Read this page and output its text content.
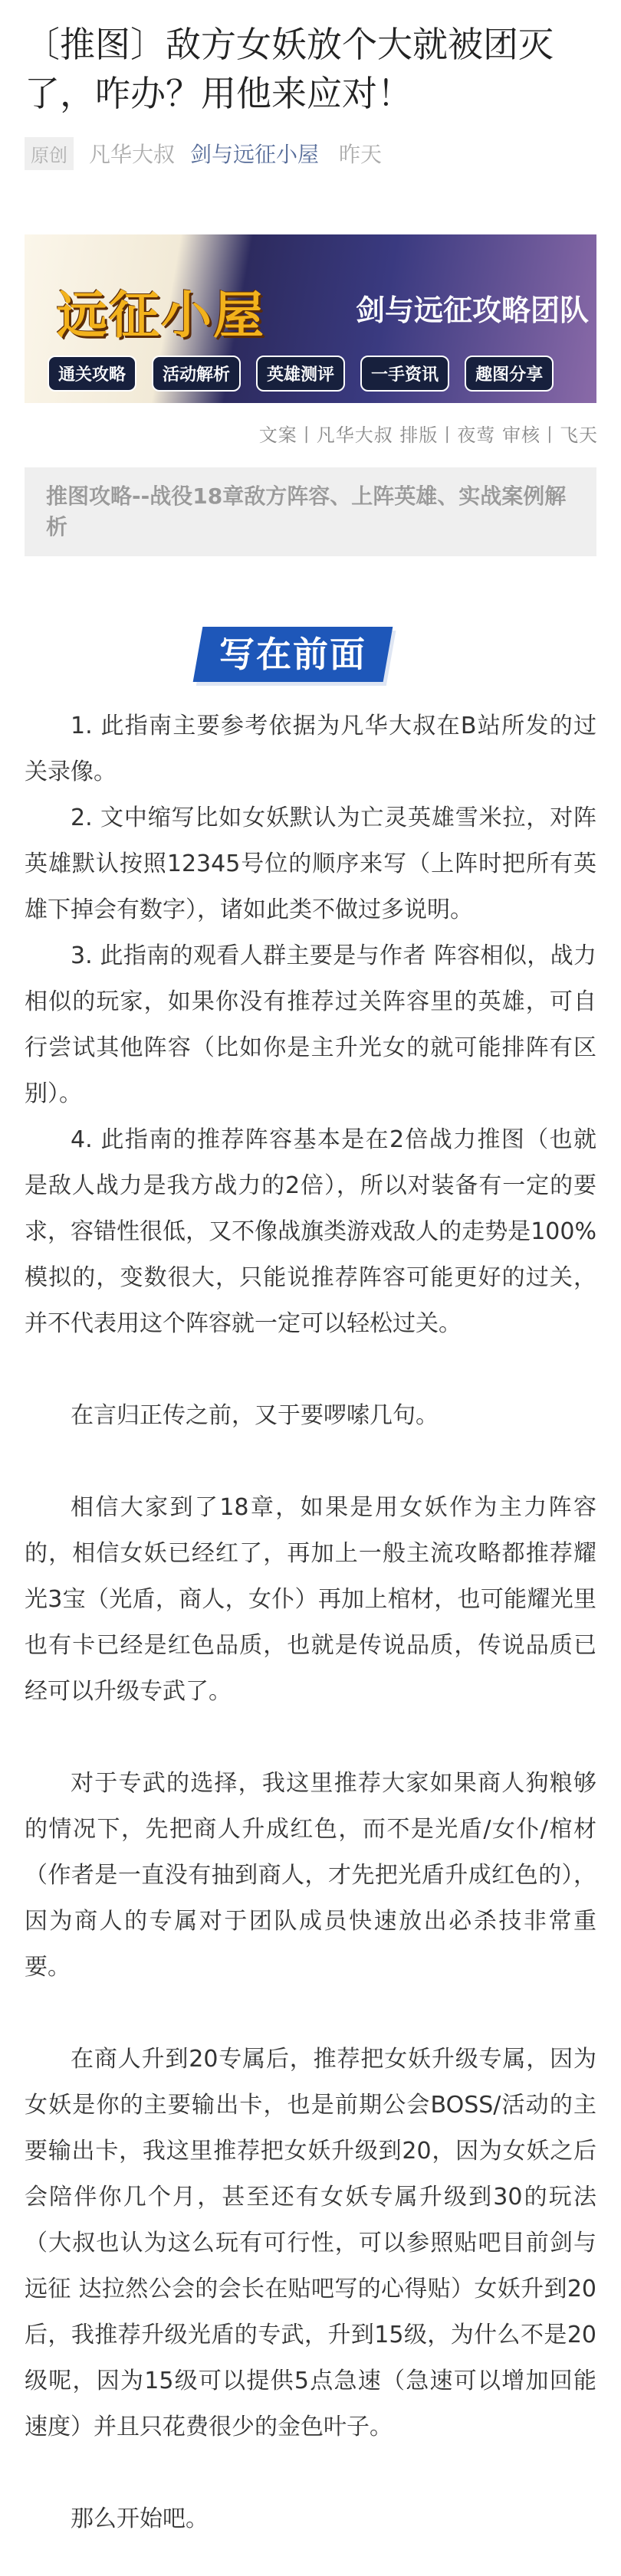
〔推图〕敌方女妖放个大就被团灭了，咋办？用他来应对！
原创 凡华大叔 剑与远征小屋 昨天
远征小屋	剑与远征攻略团队
通关攻略	活动解析	英雄测评	一手资讯	趣图分享
文案丨凡华大叔 排版丨夜莺 审核丨飞天

推图攻略--战役18章敌方阵容、上阵英雄、实战案例解析

写在前面

1. 此指南主要参考依据为凡华大叔在B站所发的过关录像。

2. 文中缩写比如女妖默认为亡灵英雄雪米拉，对阵英雄默认按照12345号位的顺序来写（上阵时把所有英雄下掉会有数字），诸如此类不做过多说明。

3. 此指南的观看人群主要是与作者 阵容相似，战力相似的玩家，如果你没有推荐过关阵容里的英雄，可自行尝试其他阵容（比如你是主升光女的就可能排阵有区别）。

4. 此指南的推荐阵容基本是在2倍战力推图（也就是敌人战力是我方战力的2倍），所以对装备有一定的要求，容错性很低，又不像战旗类游戏敌人的走势是100%模拟的，变数很大，只能说推荐阵容可能更好的过关，并不代表用这个阵容就一定可以轻松过关。

在言归正传之前，又于要啰嗦几句。

相信大家到了18章，如果是用女妖作为主力阵容的，相信女妖已经红了，再加上一般主流攻略都推荐耀光3宝（光盾，商人，女仆）再加上棺材，也可能耀光里也有卡已经是红色品质，也就是传说品质，传说品质已经可以升级专武了。

对于专武的选择，我这里推荐大家如果商人狗粮够的情况下，先把商人升成红色，而不是光盾/女仆/棺材（作者是一直没有抽到商人，才先把光盾升成红色的），因为商人的专属对于团队成员快速放出必杀技非常重要。

在商人升到20专属后，推荐把女妖升级专属，因为女妖是你的主要输出卡，也是前期公会BOSS/活动的主要输出卡，我这里推荐把女妖升级到20，因为女妖之后会陪伴你几个月，甚至还有女妖专属升级到30的玩法（大叔也认为这么玩有可行性，可以参照贴吧目前剑与远征 达拉然公会的会长在贴吧写的心得贴）女妖升到20后，我推荐升级光盾的专武，升到15级，为什么不是20级呢，因为15级可以提供5点急速（急速可以增加回能速度）并且只花费很少的金色叶子。

那么开始吧。
